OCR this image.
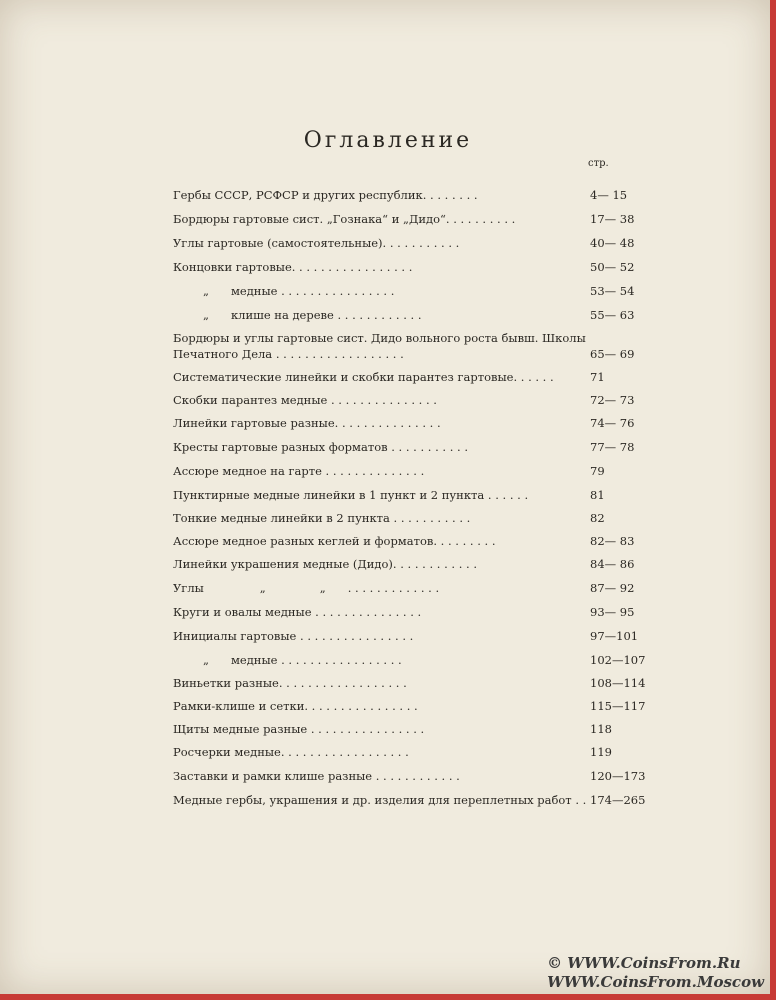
Оглавление
стр.
Гербы СССР, РСФСР и других республик. . . . . . . .	4— 15
Бордюры гартовые сист. „Гознака“ и „Дидо“. . . . . . . . . .	17— 38
Углы гартовые (самостоятельные). . . . . . . . . . .	40— 48
Концовки гартовые. . . . . . . . . . . . . . . . .	50— 52
„ медные . . . . . . . . . . . . . . . .	53— 54
„ клише на дереве . . . . . . . . . . . .	55— 63
Бордюры и углы гартовые сист. Дидо вольного роста бывш. Школы
Печатного Дела . . . . . . . . . . . . . . . . . .	65— 69
Систематические линейки и скобки парантез гартовые. . . . . .	71
Скобки парантез медные . . . . . . . . . . . . . . .	72— 73
Линейки гартовые разные. . . . . . . . . . . . . . .	74— 76
Кресты гартовые разных форматов . . . . . . . . . . .	77— 78
Ассюре медное на гарте . . . . . . . . . . . . . .	79
Пунктирные медные линейки в 1 пункт и 2 пункта . . . . . .	81
Тонкие медные линейки в 2 пункта . . . . . . . . . . .	82
Ассюре медное разных кеглей и форматов. . . . . . . . .	82— 83
Линейки украшения медные (Дидо). . . . . . . . . . . .	84— 86
Углы	„	„ . . . . . . . . . . . . .	87— 92
Круги и овалы медные . . . . . . . . . . . . . . .	93— 95
Инициалы гартовые . . . . . . . . . . . . . . . .	97—101
„ медные . . . . . . . . . . . . . . . . .	102—107
Виньетки разные. . . . . . . . . . . . . . . . . .	108—114
Рамки-клише и сетки. . . . . . . . . . . . . . . .	115—117
Щиты медные разные . . . . . . . . . . . . . . . .	118
Росчерки медные. . . . . . . . . . . . . . . . . .	119
Заставки и рамки клише разные . . . . . . . . . . . .	120—173
Медные гербы, украшения и др. изделия для переплетных работ . . 174—265
© WWW.CoinsFrom.Ru
WWW.CoinsFrom.Moscow
